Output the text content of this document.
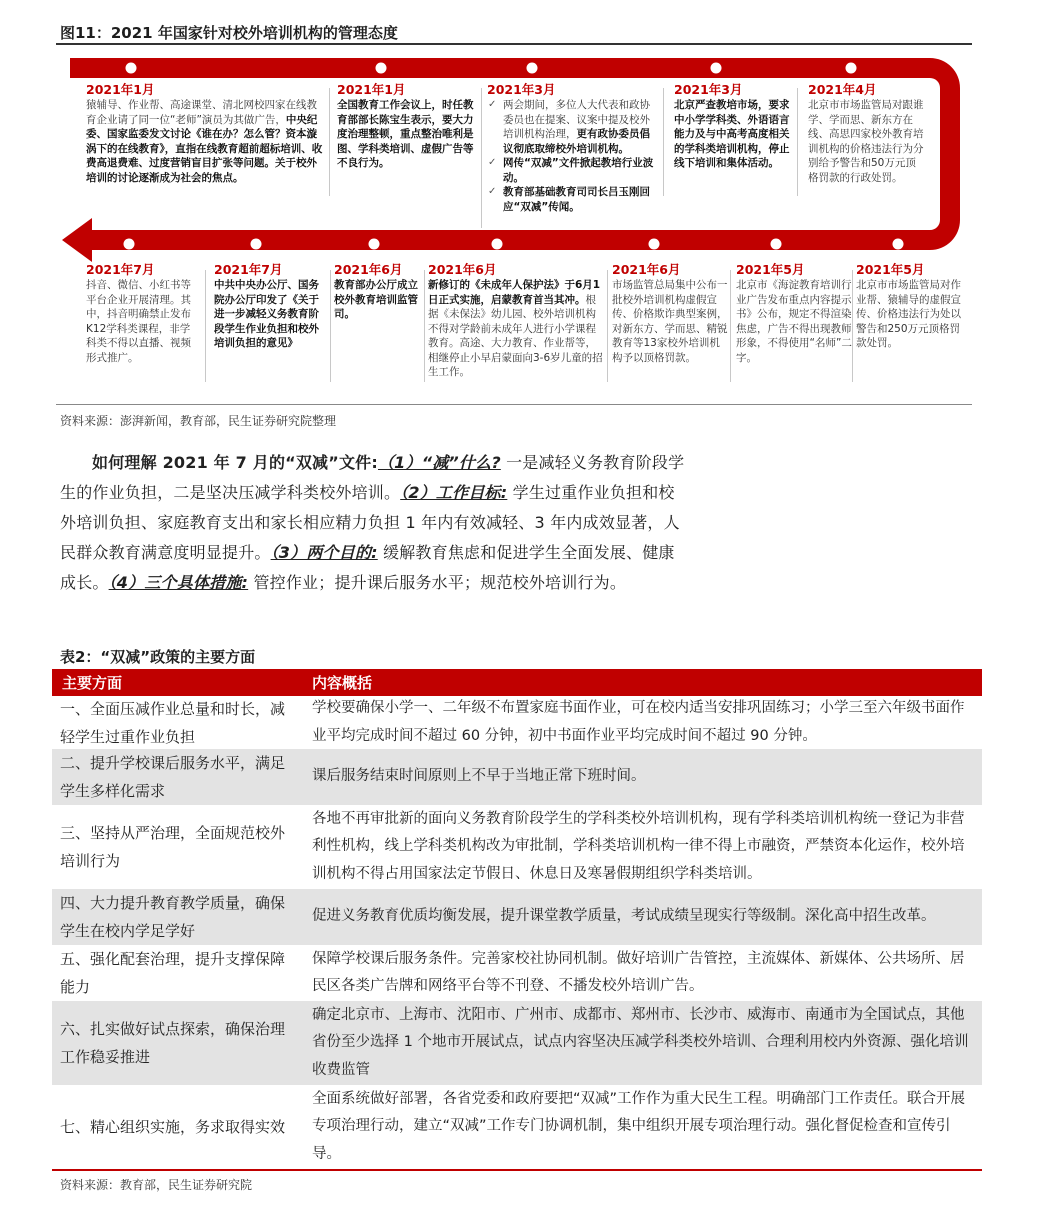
图11：2021 年国家针对校外培训机构的管理态度
2021年1月
猿辅导、作业帮、高途课堂、清北网校四家在线教育企业请了同一位“老师”演员为其做广告，中央纪委、国家监委发文讨论《谁在办？怎么管？资本漩涡下的在线教育》，直指在线教育超前超标培训、收费高退费难、过度营销盲目扩张等问题。关于校外培训的讨论逐渐成为社会的焦点。
2021年1月
全国教育工作会议上，时任教育部部长陈宝生表示，要大力度治理整顿，重点整治唯利是图、学科类培训、虚假广告等不良行为。
2021年3月
✓ 两会期间，多位人大代表和政协委员也在提案、议案中提及校外培训机构治理，更有政协委员倡议彻底取缔校外培训机构。
✓ 网传“双减”文件掀起教培行业波动。
✓ 教育部基础教育司司长吕玉刚回应“双减”传闻。
2021年3月
北京严查教培市场，要求中小学学科类、外语语言能力及与中高考高度相关的学科类培训机构，停止线下培训和集体活动。
2021年4月
北京市市场监管局对跟谁学、学而思、新东方在线、高思四家校外教育培训机构的价格违法行为分别给予警告和50万元顶格罚款的行政处罚。
2021年7月
抖音、微信、小红书等平台企业开展清理。其中，抖音明确禁止发布K12学科类课程，非学科类不得以直播、视频形式推广。
2021年7月
中共中央办公厅、国务院办公厅印发了《关于进一步减轻义务教育阶段学生作业负担和校外培训负担的意见》
2021年6月
教育部办公厅成立校外教育培训监管司。
2021年6月
新修订的《未成年人保护法》于6月1日正式实施，启蒙教育首当其冲。根据《未保法》幼儿园、校外培训机构不得对学龄前未成年人进行小学课程教育。高途、大力教育、作业帮等，相继停止小早启蒙面向3-6岁儿童的招生工作。
2021年6月
市场监管总局集中公布一批校外培训机构虚假宣传、价格欺诈典型案例，对新东方、学而思、精锐教育等13家校外培训机构予以顶格罚款。
2021年5月
北京市《海淀教育培训行业广告发布重点内容提示书》公布，规定不得渲染焦虑，广告不得出现教师形象，不得使用“名师”二字。
2021年5月
北京市市场监管局对作业帮、猿辅导的虚假宣传、价格违法行为处以警告和250万元顶格罚款处罚。
资料来源：澎湃新闻，教育部，民生证券研究院整理

如何理解 2021 年 7 月的“双减”文件:（1）“减”什么? 一是减轻义务教育阶段学生的作业负担，二是坚决压减学科类校外培训。（2）工作目标: 学生过重作业负担和校外培训负担、家庭教育支出和家长相应精力负担 1 年内有效减轻、3 年内成效显著，人民群众教育满意度明显提升。（3）两个目的: 缓解教育焦虑和促进学生全面发展、健康成长。（4）三个具体措施: 管控作业；提升课后服务水平；规范校外培训行为。

表2：“双减”政策的主要方面
主要方面	内容概括
一、全面压减作业总量和时长，减轻学生过重作业负担
学校要确保小学一、二年级不布置家庭书面作业，可在校内适当安排巩固练习；小学三至六年级书面作业平均完成时间不超过 60 分钟，初中书面作业平均完成时间不超过 90 分钟。
二、提升学校课后服务水平，满足学生多样化需求
课后服务结束时间原则上不早于当地正常下班时间。
三、坚持从严治理，全面规范校外培训行为
各地不再审批新的面向义务教育阶段学生的学科类校外培训机构，现有学科类培训机构统一登记为非营利性机构，线上学科类机构改为审批制，学科类培训机构一律不得上市融资，严禁资本化运作，校外培训机构不得占用国家法定节假日、休息日及寒暑假期组织学科类培训。
四、大力提升教育教学质量，确保学生在校内学足学好
促进义务教育优质均衡发展，提升课堂教学质量，考试成绩呈现实行等级制。深化高中招生改革。
五、强化配套治理，提升支撑保障能力
保障学校课后服务条件。完善家校社协同机制。做好培训广告管控，主流媒体、新媒体、公共场所、居民区各类广告牌和网络平台等不刊登、不播发校外培训广告。
六、扎实做好试点探索，确保治理工作稳妥推进
确定北京市、上海市、沈阳市、广州市、成都市、郑州市、长沙市、威海市、南通市为全国试点，其他省份至少选择 1 个地市开展试点，试点内容坚决压减学科类校外培训、合理利用校内外资源、强化培训收费监管
七、精心组织实施，务求取得实效
全面系统做好部署，各省党委和政府要把“双减”工作作为重大民生工程。明确部门工作责任。联合开展专项治理行动，建立“双减”工作专门协调机制，集中组织开展专项治理行动。强化督促检查和宣传引导。
资料来源：教育部，民生证券研究院
